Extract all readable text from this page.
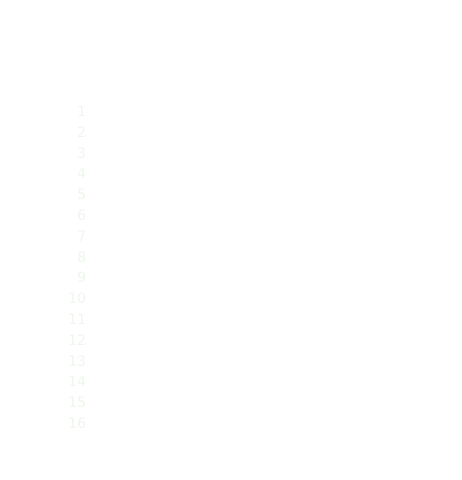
1
2
3
4
5
6
7
8
9
10
11
12
13
14
15
16
